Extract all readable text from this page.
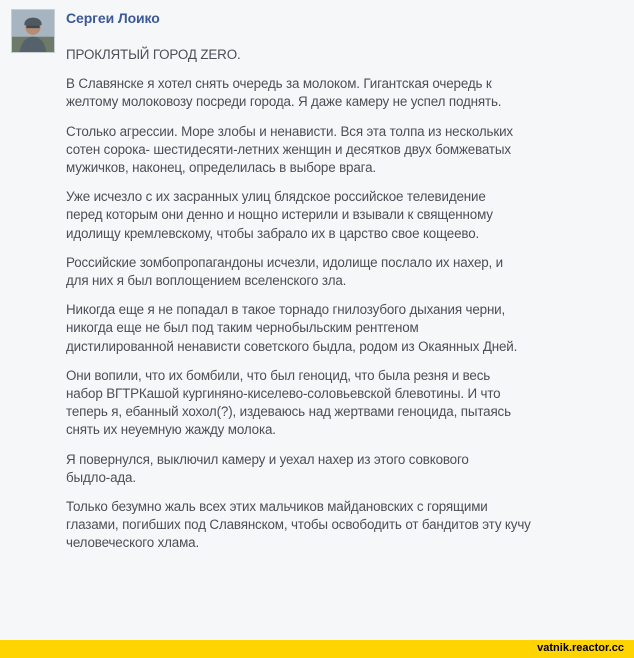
Сергеи Лоико

ПРОКЛЯТЫЙ ГОРОД ZERO.

В Славянске я хотел снять очередь за молоком. Гигантская очередь к
желтому молоковозу посреди города. Я даже камеру не успел поднять.

Столько агрессии. Море злобы и ненависти. Вся эта толпа из нескольких
сотен сорока- шестидесяти-летних женщин и десятков двух бомжеватых
мужичков, наконец, определилась в выборе врага.

Уже исчезло с их засранных улиц блядское российское телевидение
перед которым они денно и нощно истерили и взывали к священному
идолищу кремлевскому, чтобы забрало их в царство свое кощеево.

Российские зомбопропагандоны исчезли, идолище послало их нахер, и
для них я был воплощением вселенского зла.

Никогда еще я не попадал в такое торнадо гнилозубого дыхания черни,
никогда еще не был под таким чернобыльским рентгеном
дистилированной ненависти советского быдла, родом из Окаянных Дней.

Они вопили, что их бомбили, что был геноцид, что была резня и весь
набор ВГТРКашой кургиняно-киселево-соловьевской блевотины. И что
теперь я, ебанный хохол(?), издеваюсь над жертвами геноцида, пытаясь
снять их неуемную жажду молока.

Я повернулся, выключил камеру и уехал нахер из этого совкового
быдло-ада.

Только безумно жаль всех этих мальчиков майдановских с горящими
глазами, погибших под Славянском, чтобы освободить от бандитов эту кучу
человеческого хлама.

vatnik.reactor.cc
